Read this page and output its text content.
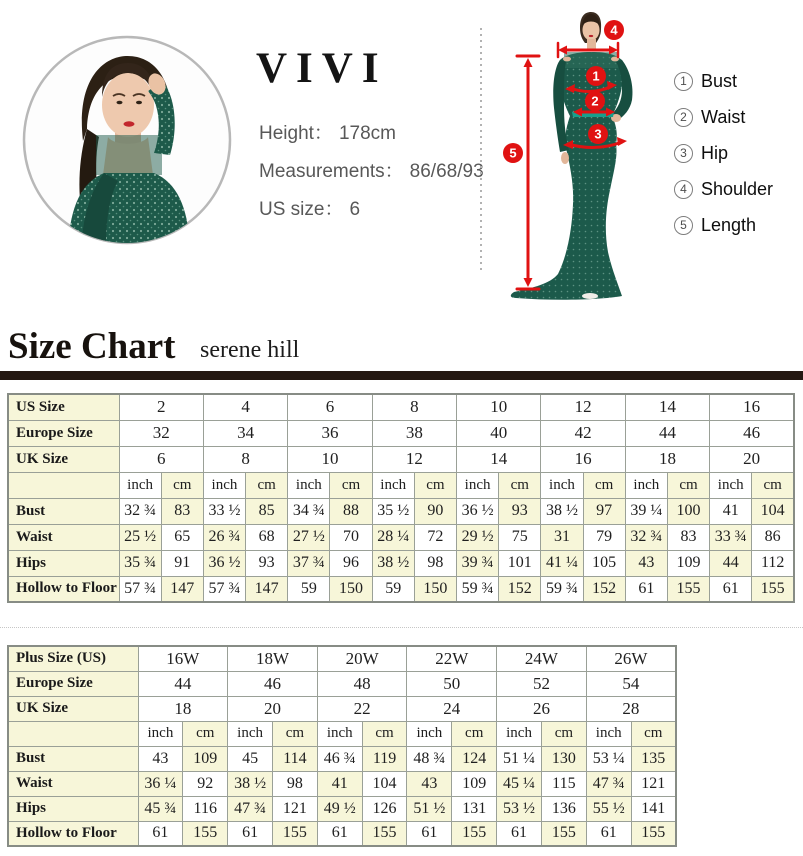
VIVI
Height： 178cm
Measurements： 86/68/93
US size： 6
1
2
3
4
5
1 Bust
2 Waist
3 Hip
4 Shoulder
5 Length
Size Chart serene hill
US Size	2		4		6		8		10		12		14		16	
Europe Size	32		34		36		38		40		42		44		46	
UK Size	6		8		10		12		14		16		18		20	
	inch	cm	inch	cm	inch	cm	inch	cm	inch	cm	inch	cm	inch	cm	inch	cm
Bust	32 ¾	83	33 ½	85	34 ¾	88	35 ½	90	36 ½	93	38 ½	97	39 ¼	100	41	104
Waist	25 ½	65	26 ¾	68	27 ½	70	28 ¼	72	29 ½	75	31	79	32 ¾	83	33 ¾	86
Hips	35 ¾	91	36 ½	93	37 ¾	96	38 ½	98	39 ¾	101	41 ¼	105	43	109	44	112
Hollow to Floor	57 ¾	147	57 ¾	147	59	150	59	150	59 ¾	152	59 ¾	152	61	155	61	155
Plus Size (US)	16W		18W		20W		22W		24W		26W	
Europe Size	44		46		48		50		52		54	
UK Size	18		20		22		24		26		28	
	inch	cm	inch	cm	inch	cm	inch	cm	inch	cm	inch	cm
Bust	43	109	45	114	46 ¾	119	48 ¾	124	51 ¼	130	53 ¼	135
Waist	36 ¼	92	38 ½	98	41	104	43	109	45 ¼	115	47 ¾	121
Hips	45 ¾	116	47 ¾	121	49 ½	126	51 ½	131	53 ½	136	55 ½	141
Hollow to Floor	61	155	61	155	61	155	61	155	61	155	61	155
